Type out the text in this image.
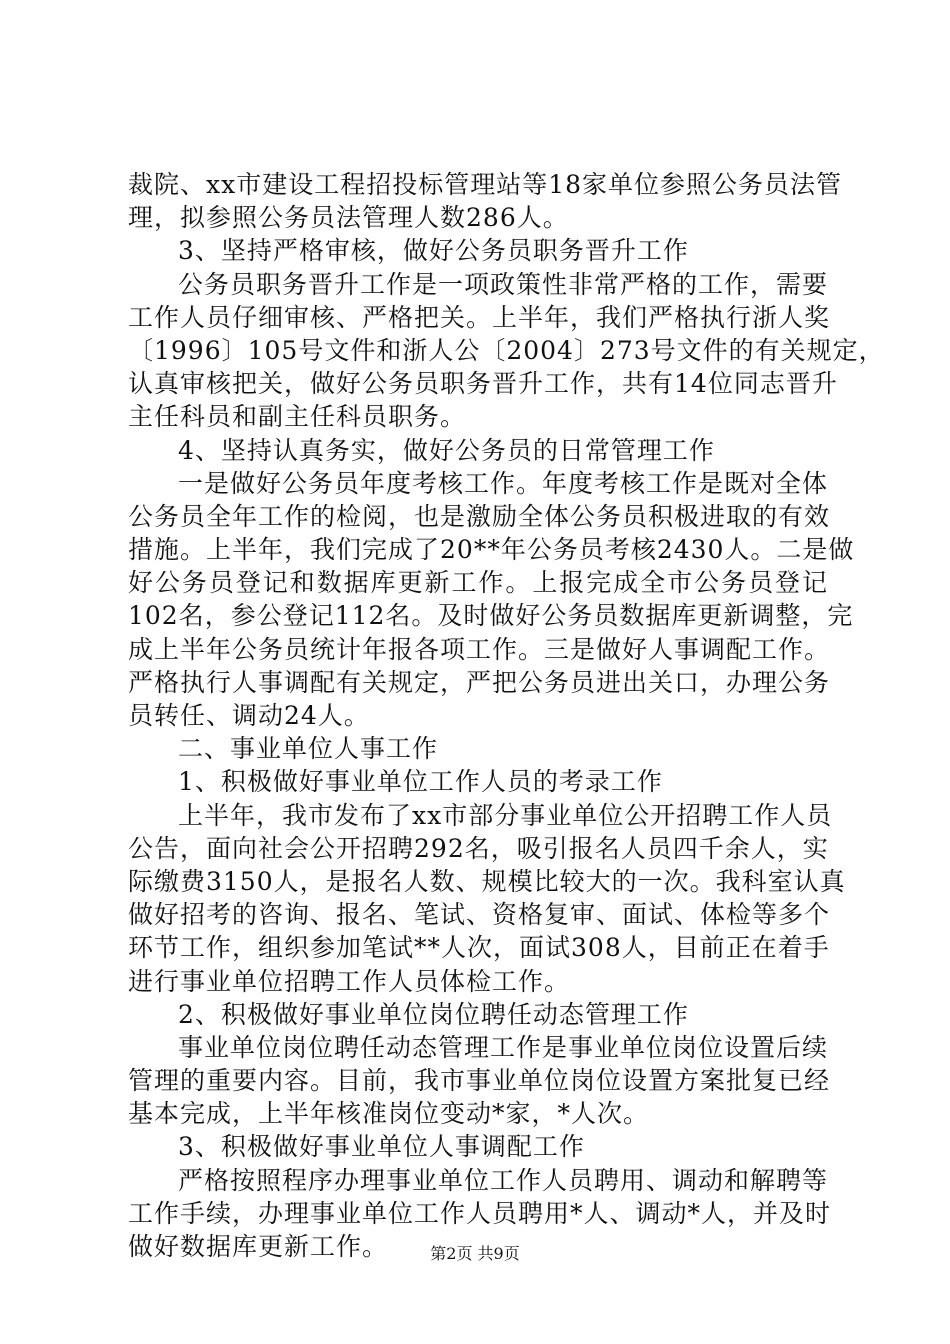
裁院、xx市建设工程招投标管理站等18家单位参照公务员法管
理，拟参照公务员法管理人数286人。
3、坚持严格审核，做好公务员职务晋升工作
公务员职务晋升工作是一项政策性非常严格的工作，需要
工作人员仔细审核、严格把关。上半年，我们严格执行浙人奖
〔1996〕105号文件和浙人公〔2004〕273号文件的有关规定，
认真审核把关，做好公务员职务晋升工作，共有14位同志晋升
主任科员和副主任科员职务。
4、坚持认真务实，做好公务员的日常管理工作
一是做好公务员年度考核工作。年度考核工作是既对全体
公务员全年工作的检阅，也是激励全体公务员积极进取的有效
措施。上半年，我们完成了20**年公务员考核2430人。二是做
好公务员登记和数据库更新工作。上报完成全市公务员登记
102名，参公登记112名。及时做好公务员数据库更新调整，完
成上半年公务员统计年报各项工作。三是做好人事调配工作。
严格执行人事调配有关规定，严把公务员进出关口，办理公务
员转任、调动24人。
二、事业单位人事工作
1、积极做好事业单位工作人员的考录工作
上半年，我市发布了xx市部分事业单位公开招聘工作人员
公告，面向社会公开招聘292名，吸引报名人员四千余人，实
际缴费3150人，是报名人数、规模比较大的一次。我科室认真
做好招考的咨询、报名、笔试、资格复审、面试、体检等多个
环节工作，组织参加笔试**人次，面试308人，目前正在着手
进行事业单位招聘工作人员体检工作。
2、积极做好事业单位岗位聘任动态管理工作
事业单位岗位聘任动态管理工作是事业单位岗位设置后续
管理的重要内容。目前，我市事业单位岗位设置方案批复已经
基本完成，上半年核准岗位变动*家，*人次。
3、积极做好事业单位人事调配工作
严格按照程序办理事业单位工作人员聘用、调动和解聘等
工作手续，办理事业单位工作人员聘用*人、调动*人，并及时
做好数据库更新工作。	第2页 共9页
